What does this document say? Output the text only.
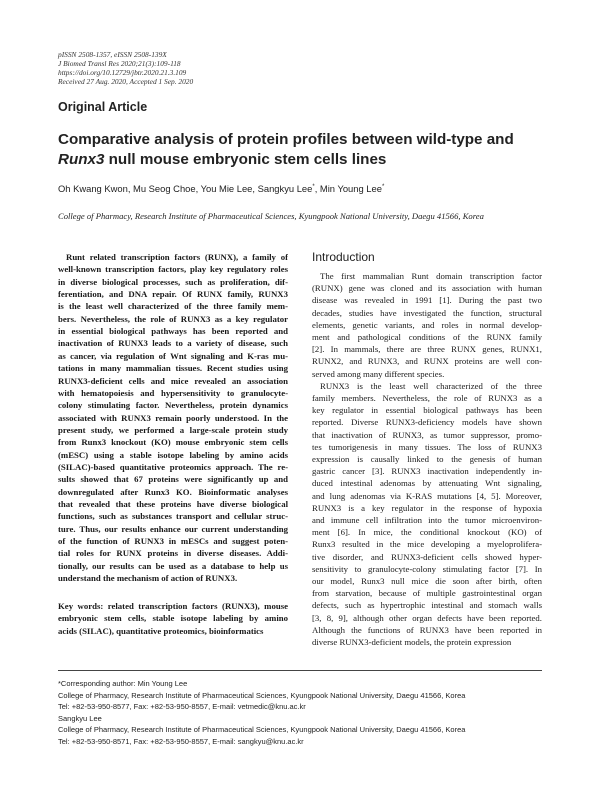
pISSN 2508-1357, eISSN 2508-139X
J Biomed Transl Res 2020;21(3):109-118
https://doi.org/10.12729/jbtr.2020.21.3.109
Received 27 Aug. 2020, Accepted 1 Sep. 2020
Original Article
Comparative analysis of protein profiles between wild-type and
Runx3 null mouse embryonic stem cells lines
Oh Kwang Kwon, Mu Seog Choe, You Mie Lee, Sangkyu Lee*, Min Young Lee*
College of Pharmacy, Research Institute of Pharmaceutical Sciences, Kyungpook National University, Daegu 41566, Korea
Runt related transcription factors (RUNX), a family of
well-known transcription factors, play key regulatory roles
in diverse biological processes, such as proliferation, dif-
ferentiation, and DNA repair. Of RUNX family, RUNX3
is the least well characterized of the three family mem-
bers. Nevertheless, the role of RUNX3 as a key regulator
in essential biological pathways has been reported and
inactivation of RUNX3 leads to a variety of disease, such
as cancer, via regulation of Wnt signaling and K-ras mu-
tations in many mammalian tissues. Recent studies using
RUNX3-deficient cells and mice revealed an association
with hematopoiesis and hypersensitivity to granulocyte-
colony stimulating factor. Nevertheless, protein dynamics
associated with RUNX3 remain poorly understood. In the
present study, we performed a large-scale protein study
from Runx3 knockout (KO) mouse embryonic stem cells
(mESC) using a stable isotope labeling by amino acids
(SILAC)-based quantitative proteomics approach. The re-
sults showed that 67 proteins were significantly up and
downregulated after Runx3 KO. Bioinformatic analyses
that revealed that these proteins have diverse biological
functions, such as substances transport and cellular struc-
ture. Thus, our results enhance our current understanding
of the function of RUNX3 in mESCs and suggest poten-
tial roles for RUNX proteins in diverse diseases. Addi-
tionally, our results can be used as a database to help us
understand the mechanism of action of RUNX3.
Key words: related transcription factors (RUNX3), mouse
embryonic stem cells, stable isotope labeling by amino
acids (SILAC), quantitative proteomics, bioinformatics
Introduction
The first mammalian Runt domain transcription factor
(RUNX) gene was cloned and its association with human
disease was revealed in 1991 [1]. During the past two
decades, studies have investigated the function, structural
elements, genetic variants, and roles in normal develop-
ment and pathological conditions of the RUNX family
[2]. In mammals, there are three RUNX genes, RUNX1,
RUNX2, and RUNX3, and RUNX proteins are well con-
served among many different species.
RUNX3 is the least well characterized of the three
family members. Nevertheless, the role of RUNX3 as a
key regulator in essential biological pathways has been
reported. Diverse RUNX3-deficiency models have shown
that inactivation of RUNX3, as tumor suppressor, promo-
tes tumorigenesis in many tissues. The loss of RUNX3
expression is causally linked to the genesis of human
gastric cancer [3]. RUNX3 inactivation independently in-
duced intestinal adenomas by attenuating Wnt signaling,
and lung adenomas via K-RAS mutations [4, 5]. Moreover,
RUNX3 is a key regulator in the response of hypoxia
and immune cell infiltration into the tumor microenviron-
ment [6]. In mice, the conditional knockout (KO) of
Runx3 resulted in the mice developing a myeloprolifera-
tive disorder, and RUNX3-deficient cells showed hyper-
sensitivity to granulocyte-colony stimulating factor [7]. In
our model, Runx3 null mice die soon after birth, often
from starvation, because of multiple gastrointestinal organ
defects, such as hypertrophic intestinal and stomach walls
[3, 8, 9], although other organ defects have been reported.
Although the functions of RUNX3 have been reported in
diverse RUNX3-deficient models, the protein expression
*Corresponding author: Min Young Lee
College of Pharmacy, Research Institute of Pharmaceutical Sciences, Kyungpook National University, Daegu 41566, Korea
Tel: +82-53-950-8577, Fax: +82-53-950-8557, E-mail: vetmedic@knu.ac.kr
Sangkyu Lee
College of Pharmacy, Research Institute of Pharmaceutical Sciences, Kyungpook National University, Daegu 41566, Korea
Tel: +82-53-950-8571, Fax: +82-53-950-8557, E-mail: sangkyu@knu.ac.kr
